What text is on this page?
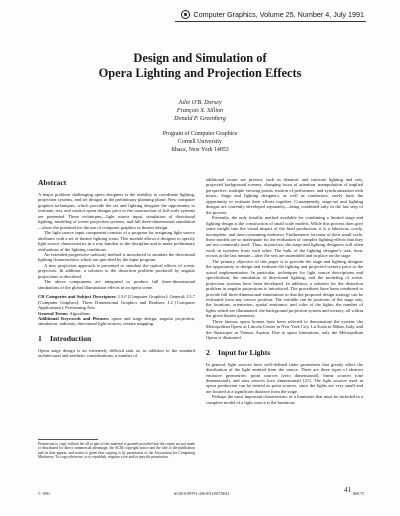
Computer Graphics, Volume 25, Number 4, July 1991
Design and Simulation of
Opera Lighting and Projection Effects
Julie O'B. Dorsey
François X. Sillion
Donald P. Greenberg
Program of Computer Graphics
Cornell University
Ithaca, New York 14853
Abstract

A major problem challenging opera designers is the inability to coordinate lighting, projection systems, and set designs in the preliminary planning phase. New computer graphics techniques, which provide the set and lighting designer the opportunity to evaluate, test, and control opera designs prior to the construction of full scale systems are presented. These techniques—light source input, simulation of directional lighting, modeling of scenic projection systems, and full three-dimensional simulation—show the potential for the use of computer graphics in theater design.

The light source input component consists of a program for assigning light source attributes with a set of theater lighting icons. This module allows a designer to specify light source characteristics in a way familiar to the discipline and to make preliminary evaluations of the lighting conditions.

An extended progressive radiosity method is introduced to simulate the directional lighting characteristics which are specified by the input program.

A new projection approach is presented to simulate the optical effects of scenic projectors. In addition, a solution to the distortion problem produced by angular projections is described.

The above components are integrated to produce full three-dimensional simulations of the global illumination effects in an opera scene.

CR Categories and Subject Descriptors: I.3.0 [Computer Graphics]: General; I.3.7 [Computer Graphics]: Three Dimensional Graphics and Realism; J.2 [Computer Applications]: Performing Arts.

General Terms: Algorithms

Additional Keywords and Phrases: opera and stage design, angular projection, simulation, radiosity, directional light sources, texture mapping.

1 Introduction

Opera stage design is an extremely difficult task as, in addition to the standard architectural and aesthetic considerations, a number of

Permission to copy without fee all or part of this material is granted provided that the copies are not made or distributed for direct commercial advantage, the ACM copyright notice and the title of the publication and its date appear, and notice is given that copying is by permission of the Association for Computing Machinery. To copy otherwise, or to republish, requires a fee and/or specific permission.

additional issues are present, such as dynamic and intricate lighting and sets, projected background scenery, changing focus of attention, manipulation of implied perspective, multiple viewing points, motion of performers, and synchronization with music. Stage and lighting designers, as well as conductors, rarely have the opportunity to evaluate their efforts together. Consequently, stage-set and lighting designs are currently developed separately—being combined only in the last step of the process.

Presently, the only feasible method available for combining a limited stage and lighting design is the construction of small scale models. While this process does give some insight into the visual impact of the final production, it is a laborious, costly, incomplete, and time-consuming endeavor. Furthermore, because of their small scale, these models are so inadequate for the evaluation of complex lighting effects that they are not commonly used. Thus, in practice, the stage and lighting designers will often work in isolation from each other. The bulk of the lighting designer's task, then, occurs at the last minute—after the sets are assembled and in place on the stage.

The primary objective of this paper is to provide the stage and lighting designer the opportunity to design and evaluate the lighting and projected scenery prior to the actual implementation. In particular, techniques for light source descriptions and specification, the simulation of directional lighting, and the modeling of scenic projection systems have been developed. In addition, a solution for the distortion problem in angular projections is introduced. The procedures have been combined to provide full three-dimensional simulations so that the proposed design strategy can be evaluated from any viewer position. The variable can be positions of the stage sets, the locations, orientation, spatial emittance, and color of the lights, the number of lights which are illuminated, the background projection system and scenery, all within the given theater geometry.

Three famous opera houses have been selected to demonstrate the system: the Metropolitan Opera at Lincoln Center in New York City, La Scala in Milan, Italy, and the Staatsoper in Vienna, Austria. Due to space limitations, only the Metropolitan Opera is illustrated.

2 Input for Lights

In general, light sources have well-defined finite geometries that greatly affect the distribution of the light emitted from the source. There are three types of abstract emissive geometries: point sources (zero dimensional), linear sources (one dimensional), and area sources (two dimensional) [21]. The light sources used in opera production can be treated as point sources, since the lights are very small and are located at a significant distance from the stage.

Perhaps the most important characteristic of a luminaire that must be included in a complete model of a light source is the luminous

© 1991	ACM-0-89791-436-8/91/007/0041	$00.75
41
